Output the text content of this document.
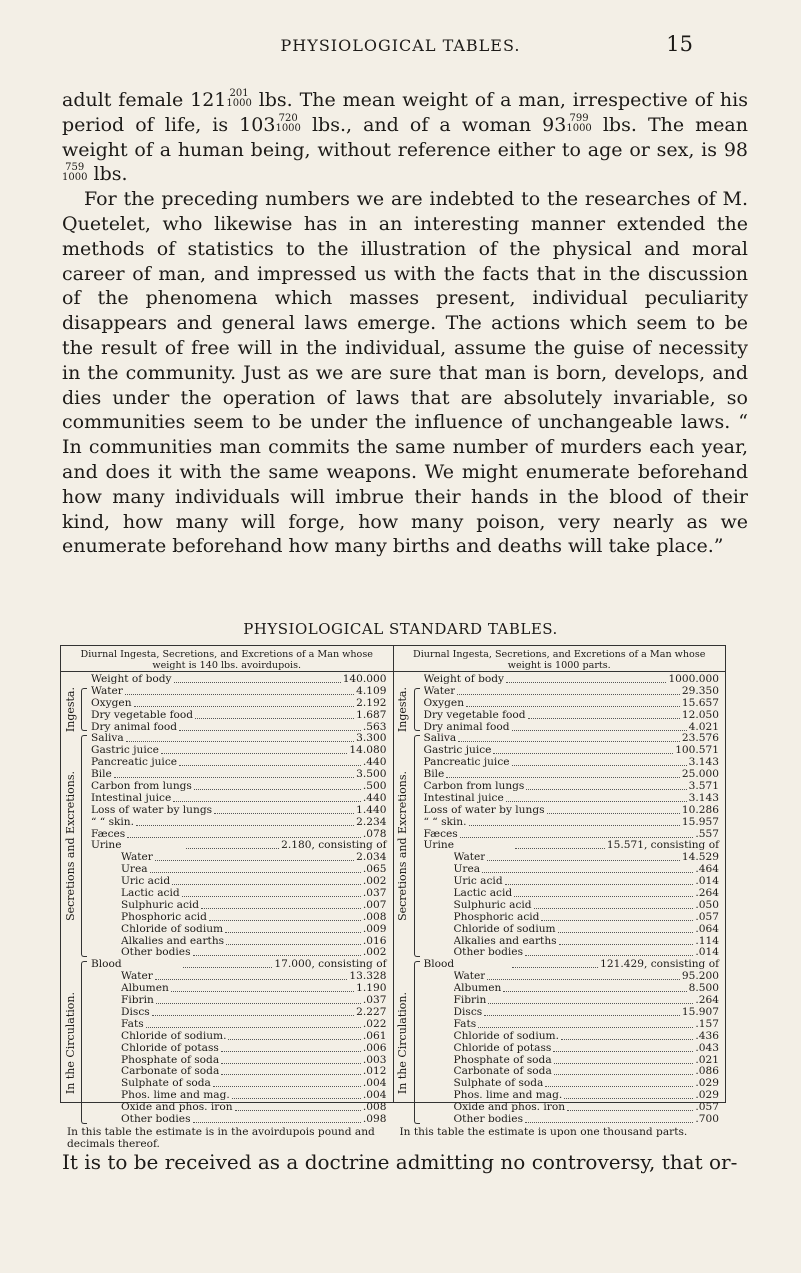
PHYSIOLOGICAL TABLES.	15

adult female 121 201
1000 lbs. The mean weight of a man, irrespective of his period of life, is 103 720
1000 lbs., and of a woman 93 799
1000 lbs. The mean weight of a human being, without reference either to age or sex, is 98
759
1000 lbs.

For the preceding numbers we are indebted to the researches of M. Quetelet, who likewise has in an interesting manner extended the methods of statistics to the illustration of the physical and moral career of man, and impressed us with the facts that in the discussion of the phenomena which masses present, individual peculiarity disappears and general laws emerge. The actions which seem to be the result of free will in the individual, assume the guise of necessity in the community. Just as we are sure that man is born, develops, and dies under the operation of laws that are absolutely invariable, so communities seem to be under the influence of unchangeable laws. “ In communities man commits the same number of murders each year, and does it with the same weapons. We might enumerate beforehand how many individuals will imbrue their hands in the blood of their kind, how many will forge, how many poison, very nearly as we enumerate beforehand how many births and deaths will take place.”

PHYSIOLOGICAL STANDARD TABLES.
Diurnal Ingesta, Secretions, and Excretions of a Man whose weight is 140 lbs. avoirdupois.
Weight of body	140.000
Ingesta. Water	4.109
Oxygen	2.192
Dry vegetable food	1.687
Dry animal food	.563
Secretions and Excretions.
Saliva	3.300
Gastric juice	14.080
Pancreatic juice	.440
Bile	3.500
Carbon from lungs	.500
Intestinal juice	.440
Loss of water by lungs	1.440
“ “ skin.	2.234
Fæces	.078
Urine	2.180, consisting of
Water	2.034
Urea	.065
Uric acid	.002
Lactic acid	.037
Sulphuric acid	.007
Phosphoric acid	.008
Chloride of sodium	.009
Alkalies and earths	.016
Other bodies	.002
In the Circulation.
Blood	17.000, consisting of
Water	13.328
Albumen	1.190
Fibrin	.037
Discs	2.227
Fats	.022
Chloride of sodium.	.061
Chloride of potass	.006
Phosphate of soda	.003
Carbonate of soda	.012
Sulphate of soda	.004
Phos. lime and mag.	.004
Oxide and phos. iron	.008
Other bodies	.098
In this table the estimate is in the avoirdupois pound and decimals thereof.
Diurnal Ingesta, Secretions, and Excretions of a Man whose weight is 1000 parts.
Weight of body	1000.000
Ingesta. Water	29.350
Oxygen	15.657
Dry vegetable food	12.050
Dry animal food	4.021
Secretions and Excretions.
Saliva	23.576
Gastric juice	100.571
Pancreatic juice	3.143
Bile	25.000
Carbon from lungs	3.571
Intestinal juice	3.143
Loss of water by lungs	10.286
“ “ skin.	15.957
Fæces	.557
Urine	15.571, consisting of
Water	14.529
Urea	.464
Uric acid	.014
Lactic acid	.264
Sulphuric acid	.050
Phosphoric acid	.057
Chloride of sodium	.064
Alkalies and earths	.114
Other bodies	.014
In the Circulation.
Blood	121.429, consisting of
Water	95.200
Albumen	8.500
Fibrin	.264
Discs	15.907
Fats	.157
Chloride of sodium.	.436
Chloride of potass	.043
Phosphate of soda	.021
Carbonate of soda	.086
Sulphate of soda	.029
Phos. lime and mag.	.029
Oxide and phos. iron	.057
Other bodies	.700
In this table the estimate is upon one thousand parts.
It is to be received as a doctrine admitting no controversy, that or-
